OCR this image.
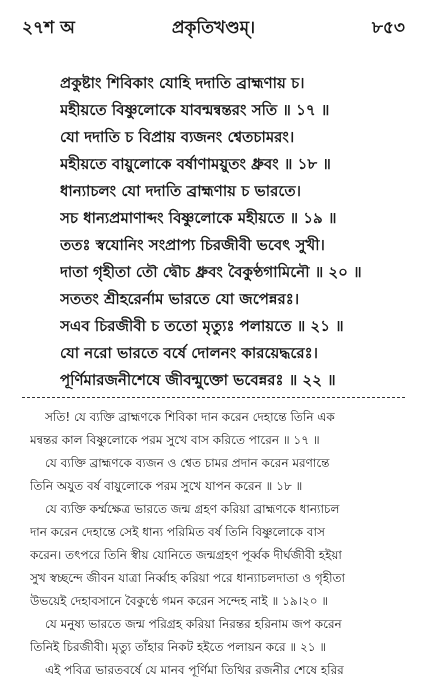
২৭শ অ	প্রকৃতিখণ্ডম্।	৮৫৩
প্রকুষ্টাং শিবিকাং যোহি দদাতি ব্রাহ্মণায় চ।
মহীয়তে বিষ্ণুলোকে যাবন্মন্বন্তরং সতি ॥ ১৭ ॥
যো দদাতি চ বিপ্রায় ব্যজনং শ্বেতচামরং।
মহীয়তে বায়ুলোকে বর্ষাণাময়ুতং ধ্রুবং ॥ ১৮ ॥
ধান্যাচলং যো দদাতি ব্রাহ্মণায় চ ভারতে।
সচ ধান্যপ্রমাণাব্দং বিষ্ণুলোকে মহীয়তে ॥ ১৯ ॥
ততঃ স্বযোনিং সংপ্রাপ্য চিরজীবী ভবেৎ সুখী।
দাতা গৃহীতা তৌ দ্বৌচ ধ্রুবং বৈকুণ্ঠগামিনৌ ॥ ২০ ॥
সততং শ্রীহরের্নাম ভারতে যো জপেন্নরঃ।
সএব চিরজীবী চ ততো মৃত্যুঃ পলায়তে ॥ ২১ ॥
যো নরো ভারতে বর্ষে দোলনং কারয়েদ্ধরেঃ।
পূর্ণিমারজনীশেষে জীবন্মুক্তো ভবেন্নরঃ ॥ ২২ ॥
সতি! যে ব্যক্তি ব্রাহ্মণকে শিবিকা দান করেন দেহান্তে তিনি এক
মন্বন্তর কাল বিষ্ণুলোকে পরম সুখে বাস করিতে পারেন ॥ ১৭ ॥
যে ব্যক্তি ব্রাহ্মণকে ব্যজন ও শ্বেত চামর প্রদান করেন মরণান্তে
তিনি অযুত বর্ষ বায়ুলোকে পরম সুখে যাপন করেন ॥ ১৮ ॥
যে ব্যক্তি কর্ম্মক্ষেত্র ভারতে জন্ম গ্রহণ করিয়া ব্রাহ্মণকে ধান্যাচল
দান করেন দেহান্তে সেই ধান্য পরিমিত বর্ষ তিনি বিষ্ণুলোকে বাস
করেন। তৎপরে তিনি স্বীয় যোনিতে জন্মগ্রহণ পূর্ব্বক দীর্ঘজীবী হইয়া
সুখ স্বচ্ছন্দে জীবন যাত্রা নির্ব্বাহ করিয়া পরে ধান্যাচলদাতা ও গৃহীতা
উভয়েই দেহাবসানে বৈকুণ্ঠে গমন করেন সন্দেহ নাই ॥ ১৯।২০ ॥
যে মনুষ্য ভারতে জন্ম পরিগ্রহ করিয়া নিরন্তর হরিনাম জপ করেন
তিনিই চিরজীবী। মৃত্যু তাঁহার নিকট হইতে পলায়ন করে ॥ ২১ ॥
এই পবিত্র ভারতবর্ষে যে মানব পূর্ণিমা তিথির রজনীর শেষে হরির
